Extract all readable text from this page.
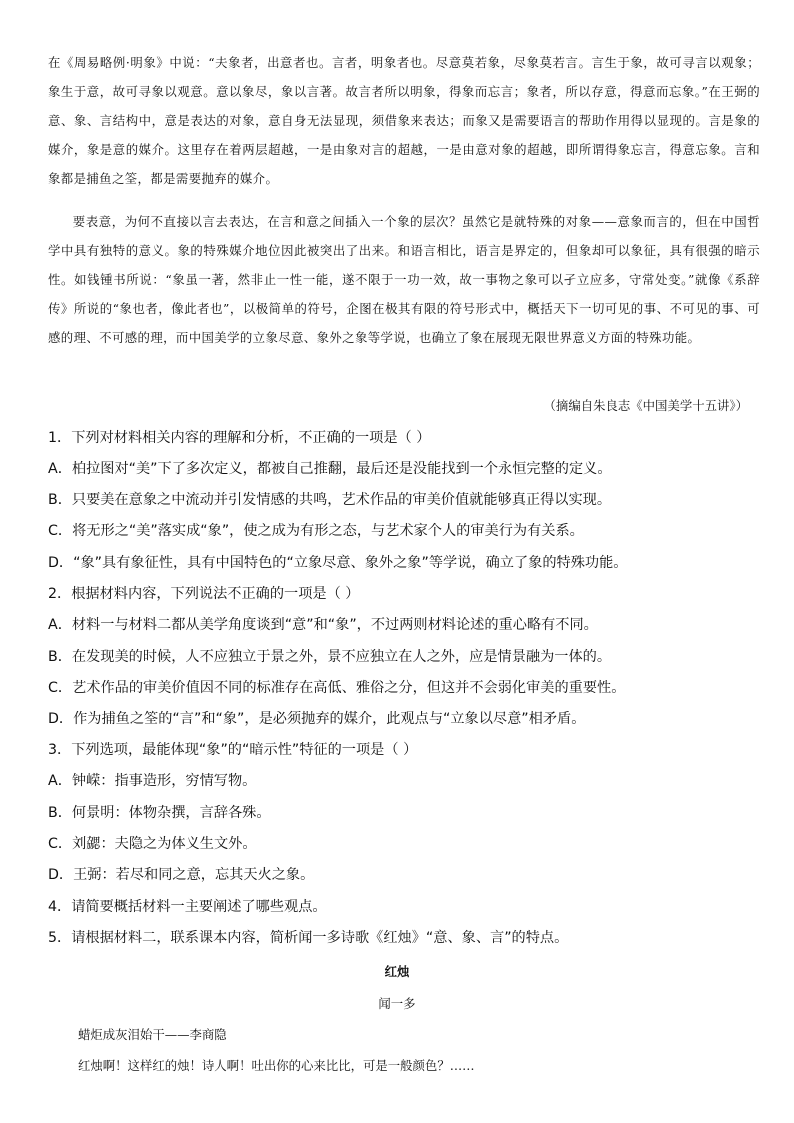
在《周易略例·明象》中说：“夫象者，出意者也。言者，明象者也。尽意莫若象，尽象莫若言。言生于象，故可寻言以观象；象生于意，故可寻象以观意。意以象尽，象以言著。故言者所以明象，得象而忘言；象者，所以存意，得意而忘象。”在王弼的意、象、言结构中，意是表达的对象，意自身无法显现，须借象来表达；而象又是需要语言的帮助作用得以显现的。言是象的媒介，象是意的媒介。这里存在着两层超越，一是由象对言的超越，一是由意对象的超越，即所谓得象忘言，得意忘象。言和象都是捕鱼之筌，都是需要抛弃的媒介。

要表意，为何不直接以言去表达，在言和意之间插入一个象的层次？虽然它是就特殊的对象——意象而言的，但在中国哲学中具有独特的意义。象的特殊媒介地位因此被突出了出来。和语言相比，语言是界定的，但象却可以象征，具有很强的暗示性。如钱锺书所说：“象虽一著，然非止一性一能，遂不限于一功一效，故一事物之象可以孑立应多，守常处变。”就像《系辞传》所说的“象也者，像此者也”，以极简单的符号，企图在极其有限的符号形式中，概括天下一切可见的事、不可见的事、可感的理、不可感的理，而中国美学的立象尽意、象外之象等学说，也确立了象在展现无限世界意义方面的特殊功能。

（摘编自朱良志《中国美学十五讲》）

1．下列对材料相关内容的理解和分析，不正确的一项是（ ）

A．柏拉图对“美”下了多次定义，都被自己推翻，最后还是没能找到一个永恒完整的定义。

B．只要美在意象之中流动并引发情感的共鸣，艺术作品的审美价值就能够真正得以实现。

C．将无形之“美”落实成“象”，使之成为有形之态，与艺术家个人的审美行为有关系。

D．“象”具有象征性，具有中国特色的“立象尽意、象外之象”等学说，确立了象的特殊功能。

2．根据材料内容，下列说法不正确的一项是（ ）

A．材料一与材料二都从美学角度谈到“意”和“象”，不过两则材料论述的重心略有不同。

B．在发现美的时候，人不应独立于景之外，景不应独立在人之外，应是情景融为一体的。

C．艺术作品的审美价值因不同的标准存在高低、雅俗之分，但这并不会弱化审美的重要性。

D．作为捕鱼之筌的“言”和“象”，是必须抛弃的媒介，此观点与“立象以尽意”相矛盾。

3．下列选项，最能体现“象”的“暗示性”特征的一项是（ ）

A．钟嵘：指事造形，穷情写物。

B．何景明：体物杂撰，言辞各殊。

C．刘勰：夫隐之为体义生文外。

D．王弼：若尽和同之意，忘其天火之象。

4．请简要概括材料一主要阐述了哪些观点。

5．请根据材料二，联系课本内容，简析闻一多诗歌《红烛》“意、象、言”的特点。

红烛

闻一多

蜡炬成灰泪始干——李商隐

红烛啊！这样红的烛！诗人啊！吐出你的心来比比，可是一般颜色？……
